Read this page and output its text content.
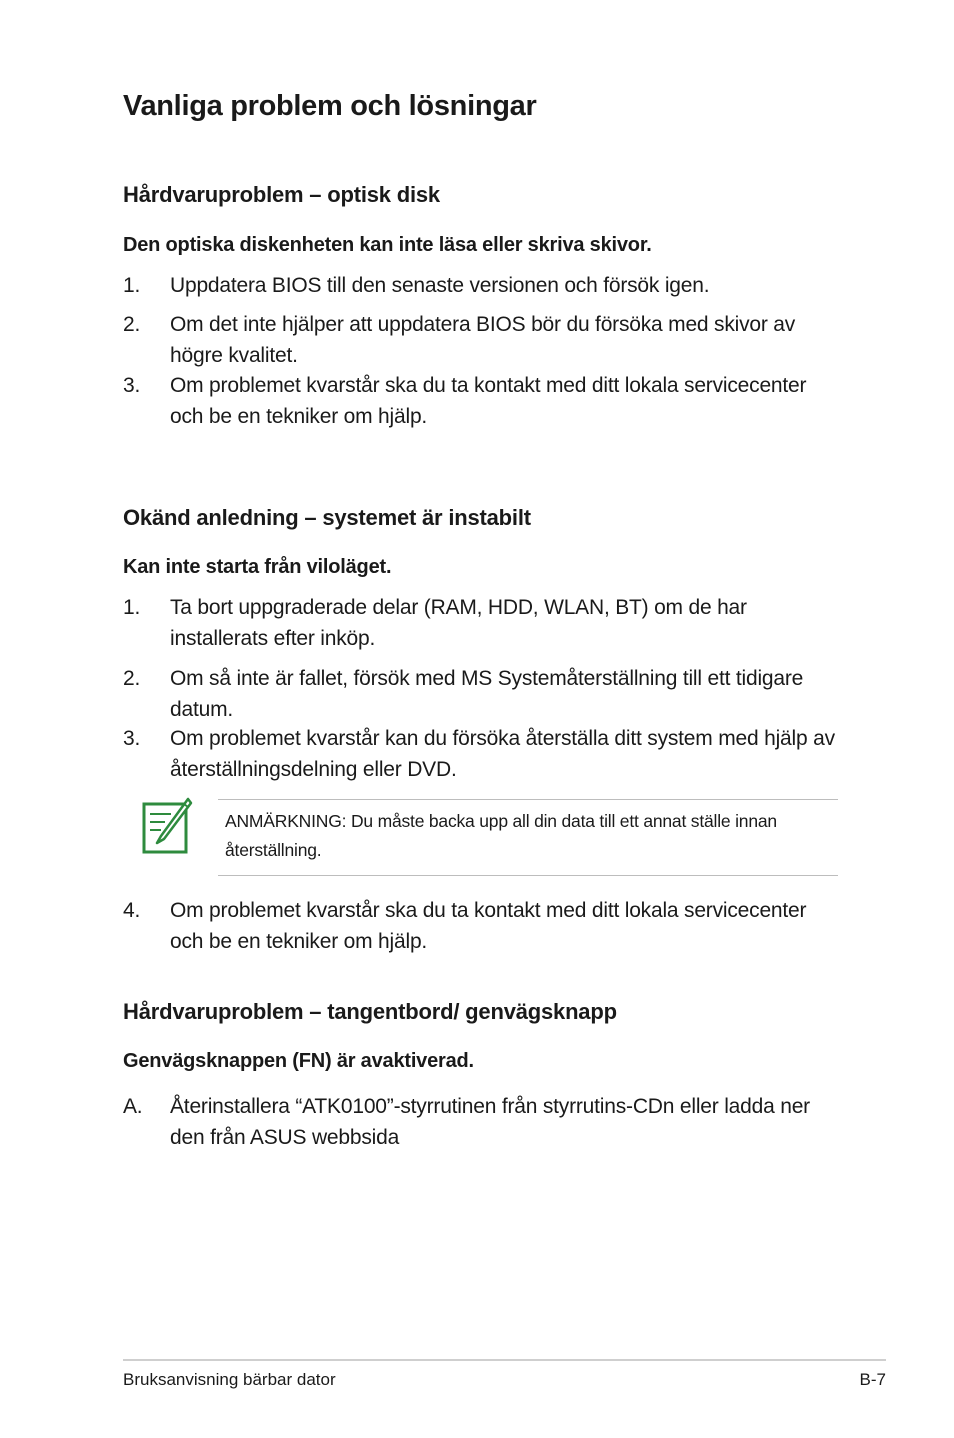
Vanliga problem och lösningar
Hårdvaruproblem – optisk disk
Den optiska diskenheten kan inte läsa eller skriva skivor.
1. Uppdatera BIOS till den senaste versionen och försök igen.
2. Om det inte hjälper att uppdatera BIOS bör du försöka med skivor av högre kvalitet.
3. Om problemet kvarstår ska du ta kontakt med ditt lokala servicecenter och be en tekniker om hjälp.
Okänd anledning – systemet är instabilt
Kan inte starta från viloläget.
1. Ta bort uppgraderade delar (RAM, HDD, WLAN, BT) om de har installerats efter inköp.
2. Om så inte är fallet, försök med MS Systemåterställning till ett tidigare datum.
3. Om problemet kvarstår kan du försöka återställa ditt system med hjälp av återställningsdelning eller DVD.
ANMÄRKNING: Du måste backa upp all din data till ett annat ställe innan återställning.
4. Om problemet kvarstår ska du ta kontakt med ditt lokala servicecenter och be en tekniker om hjälp.
Hårdvaruproblem – tangentbord/ genvägsknapp
Genvägsknappen (FN) är avaktiverad.
A. Återinstallera “ATK0100”-styrrutinen från styrrutins-CDn eller ladda ner den från ASUS webbsida
Bruksanvisning bärbar dator	B-7
